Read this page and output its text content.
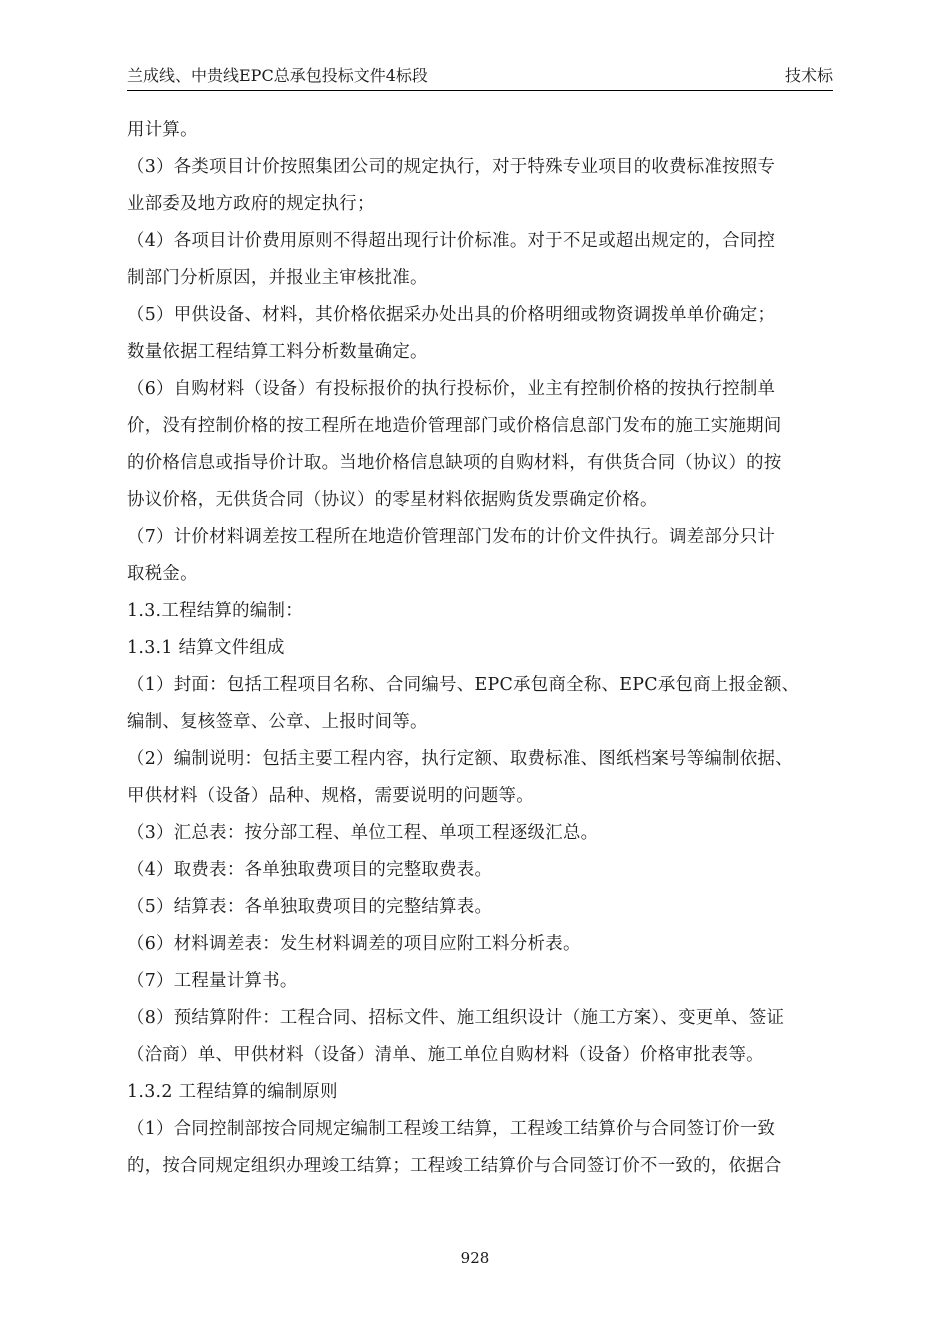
兰成线、中贵线EPC总承包投标文件4标段	技术标

用计算。

（3）各类项目计价按照集团公司的规定执行，对于特殊专业项目的收费标准按照专

业部委及地方政府的规定执行；

（4）各项目计价费用原则不得超出现行计价标准。对于不足或超出规定的，合同控

制部门分析原因，并报业主审核批准。

（5）甲供设备、材料，其价格依据采办处出具的价格明细或物资调拨单单价确定；

数量依据工程结算工料分析数量确定。

（6）自购材料（设备）有投标报价的执行投标价，业主有控制价格的按执行控制单

价，没有控制价格的按工程所在地造价管理部门或价格信息部门发布的施工实施期间

的价格信息或指导价计取。当地价格信息缺项的自购材料，有供货合同（协议）的按

协议价格，无供货合同（协议）的零星材料依据购货发票确定价格。

（7）计价材料调差按工程所在地造价管理部门发布的计价文件执行。调差部分只计

取税金。

1.3.工程结算的编制：

1.3.1 结算文件组成

（1）封面：包括工程项目名称、合同编号、EPC承包商全称、EPC承包商上报金额、

编制、复核签章、公章、上报时间等。

（2）编制说明：包括主要工程内容，执行定额、取费标准、图纸档案号等编制依据、

甲供材料（设备）品种、规格，需要说明的问题等。

（3）汇总表：按分部工程、单位工程、单项工程逐级汇总。

（4）取费表：各单独取费项目的完整取费表。

（5）结算表：各单独取费项目的完整结算表。

（6）材料调差表：发生材料调差的项目应附工料分析表。

（7）工程量计算书。

（8）预结算附件：工程合同、招标文件、施工组织设计（施工方案）、变更单、签证

（洽商）单、甲供材料（设备）清单、施工单位自购材料（设备）价格审批表等。

1.3.2 工程结算的编制原则

（1）合同控制部按合同规定编制工程竣工结算，工程竣工结算价与合同签订价一致

的，按合同规定组织办理竣工结算；工程竣工结算价与合同签订价不一致的，依据合

928
